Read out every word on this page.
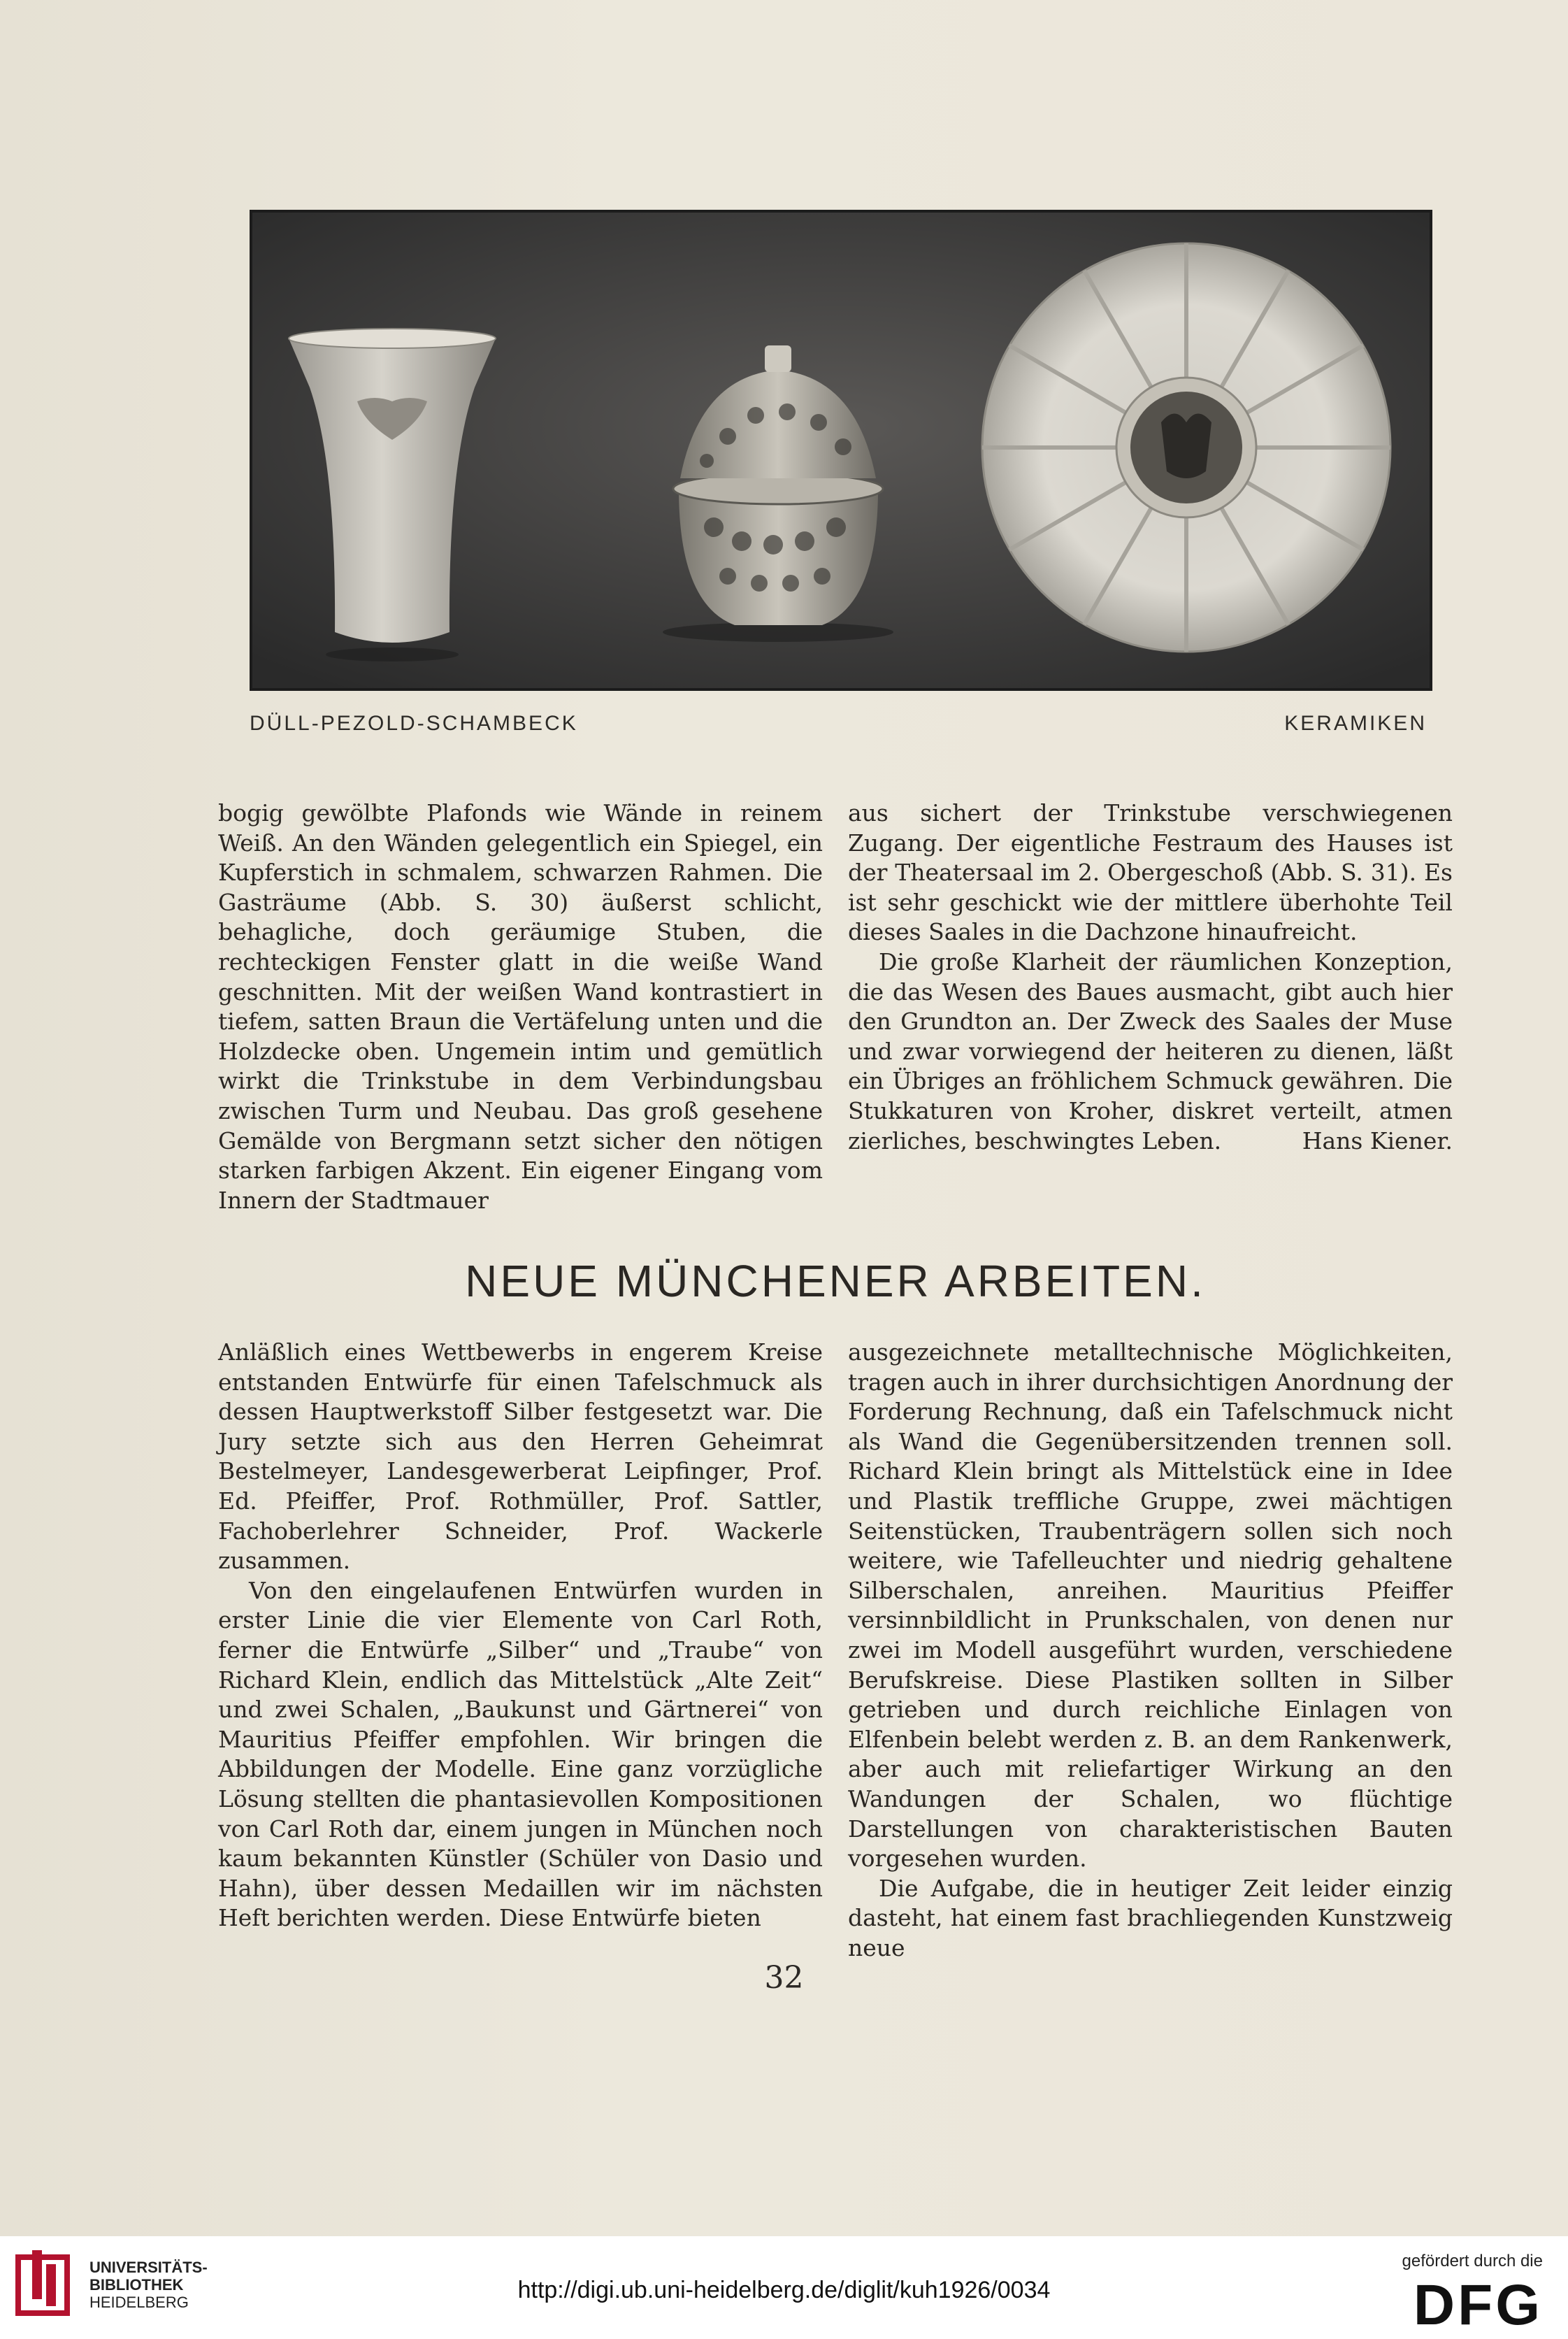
DÜLL-PEZOLD-SCHAMBECK	KERAMIKEN

bogig gewölbte Plafonds wie Wände in reinem Weiß. An den Wänden gelegentlich ein Spiegel, ein Kupferstich in schmalem, schwarzen Rahmen. Die Gasträume (Abb. S. 30) äußerst schlicht, behagliche, doch geräumige Stuben, die rechteckigen Fenster glatt in die weiße Wand geschnitten. Mit der weißen Wand kontrastiert in tiefem, satten Braun die Vertäfelung unten und die Holzdecke oben. Ungemein intim und gemütlich wirkt die Trinkstube in dem Verbindungsbau zwischen Turm und Neubau. Das groß gesehene Gemälde von Bergmann setzt sicher den nötigen starken farbigen Akzent. Ein eigener Eingang vom Innern der Stadtmauer

aus sichert der Trinkstube verschwiegenen Zugang. Der eigentliche Festraum des Hauses ist der Theatersaal im 2. Obergeschoß (Abb. S. 31). Es ist sehr geschickt wie der mittlere überhohte Teil dieses Saales in die Dachzone hinaufreicht.

Die große Klarheit der räumlichen Konzeption, die das Wesen des Baues ausmacht, gibt auch hier den Grundton an. Der Zweck des Saales der Muse und zwar vorwiegend der heiteren zu dienen, läßt ein Übriges an fröhlichem Schmuck gewähren. Die Stukkaturen von Kroher, diskret verteilt, atmen zierliches, beschwingtes Leben.	Hans Kiener.

NEUE MÜNCHENER ARBEITEN.

Anläßlich eines Wettbewerbs in engerem Kreise entstanden Entwürfe für einen Tafelschmuck als dessen Hauptwerkstoff Silber festgesetzt war. Die Jury setzte sich aus den Herren Geheimrat Bestelmeyer, Landesgewerberat Leipfinger, Prof. Ed. Pfeiffer, Prof. Rothmüller, Prof. Sattler, Fachoberlehrer Schneider, Prof. Wackerle zusammen.

Von den eingelaufenen Entwürfen wurden in erster Linie die vier Elemente von Carl Roth, ferner die Entwürfe „Silber“ und „Traube“ von Richard Klein, endlich das Mittelstück „Alte Zeit“ und zwei Schalen, „Baukunst und Gärtnerei“ von Mauritius Pfeiffer empfohlen. Wir bringen die Abbildungen der Modelle. Eine ganz vorzügliche Lösung stellten die phantasievollen Kompositionen von Carl Roth dar, einem jungen in München noch kaum bekannten Künstler (Schüler von Dasio und Hahn), über dessen Medaillen wir im nächsten Heft berichten werden. Diese Entwürfe bieten

ausgezeichnete metalltechnische Möglichkeiten, tragen auch in ihrer durchsichtigen Anordnung der Forderung Rechnung, daß ein Tafelschmuck nicht als Wand die Gegenübersitzenden trennen soll. Richard Klein bringt als Mittelstück eine in Idee und Plastik treffliche Gruppe, zwei mächtigen Seitenstücken, Traubenträgern sollen sich noch weitere, wie Tafelleuchter und niedrig gehaltene Silberschalen, anreihen. Mauritius Pfeiffer versinnbildlicht in Prunkschalen, von denen nur zwei im Modell ausgeführt wurden, verschiedene Berufskreise. Diese Plastiken sollten in Silber getrieben und durch reichliche Einlagen von Elfenbein belebt werden z. B. an dem Rankenwerk, aber auch mit reliefartiger Wirkung an den Wandungen der Schalen, wo flüchtige Darstellungen von charakteristischen Bauten vorgesehen wurden.

Die Aufgabe, die in heutiger Zeit leider einzig dasteht, hat einem fast brachliegenden Kunstzweig neue

32
UNIVERSITÄTS-
BIBLIOTHEK
HEIDELBERG	http://digi.ub.uni-heidelberg.de/diglit/kuh1926/0034
gefördert durch die
DFG
